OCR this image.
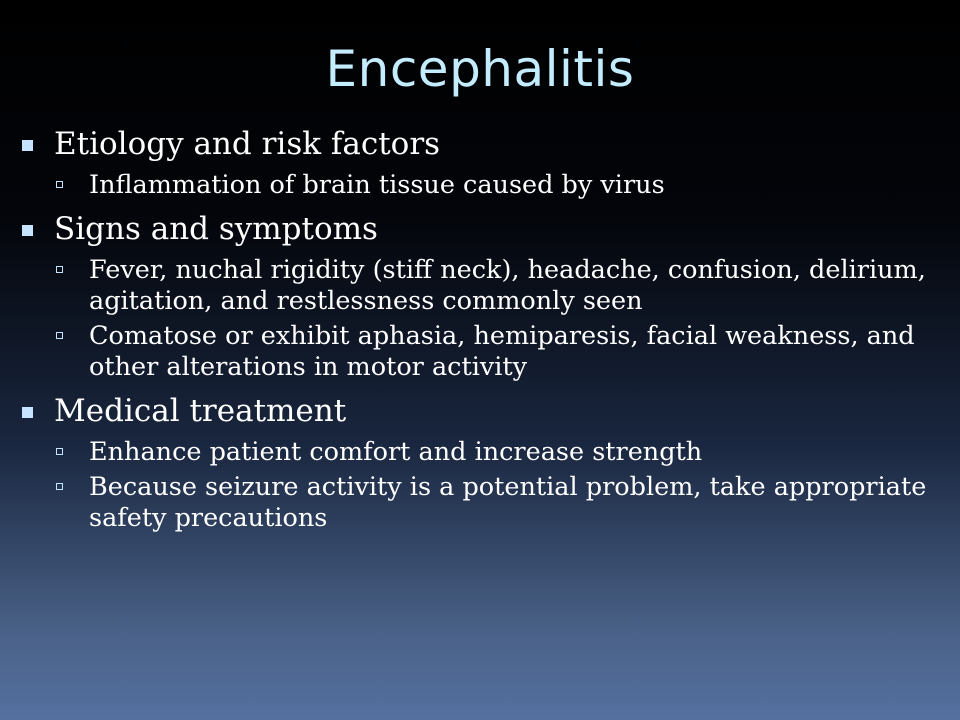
Encephalitis
Etiology and risk factors
Inflammation of brain tissue caused by virus
Signs and symptoms
Fever, nuchal rigidity (stiff neck), headache, confusion, delirium, agitation, and restlessness commonly seen
Comatose or exhibit aphasia, hemiparesis, facial weakness, and other alterations in motor activity
Medical treatment
Enhance patient comfort and increase strength
Because seizure activity is a potential problem, take appropriate safety precautions
